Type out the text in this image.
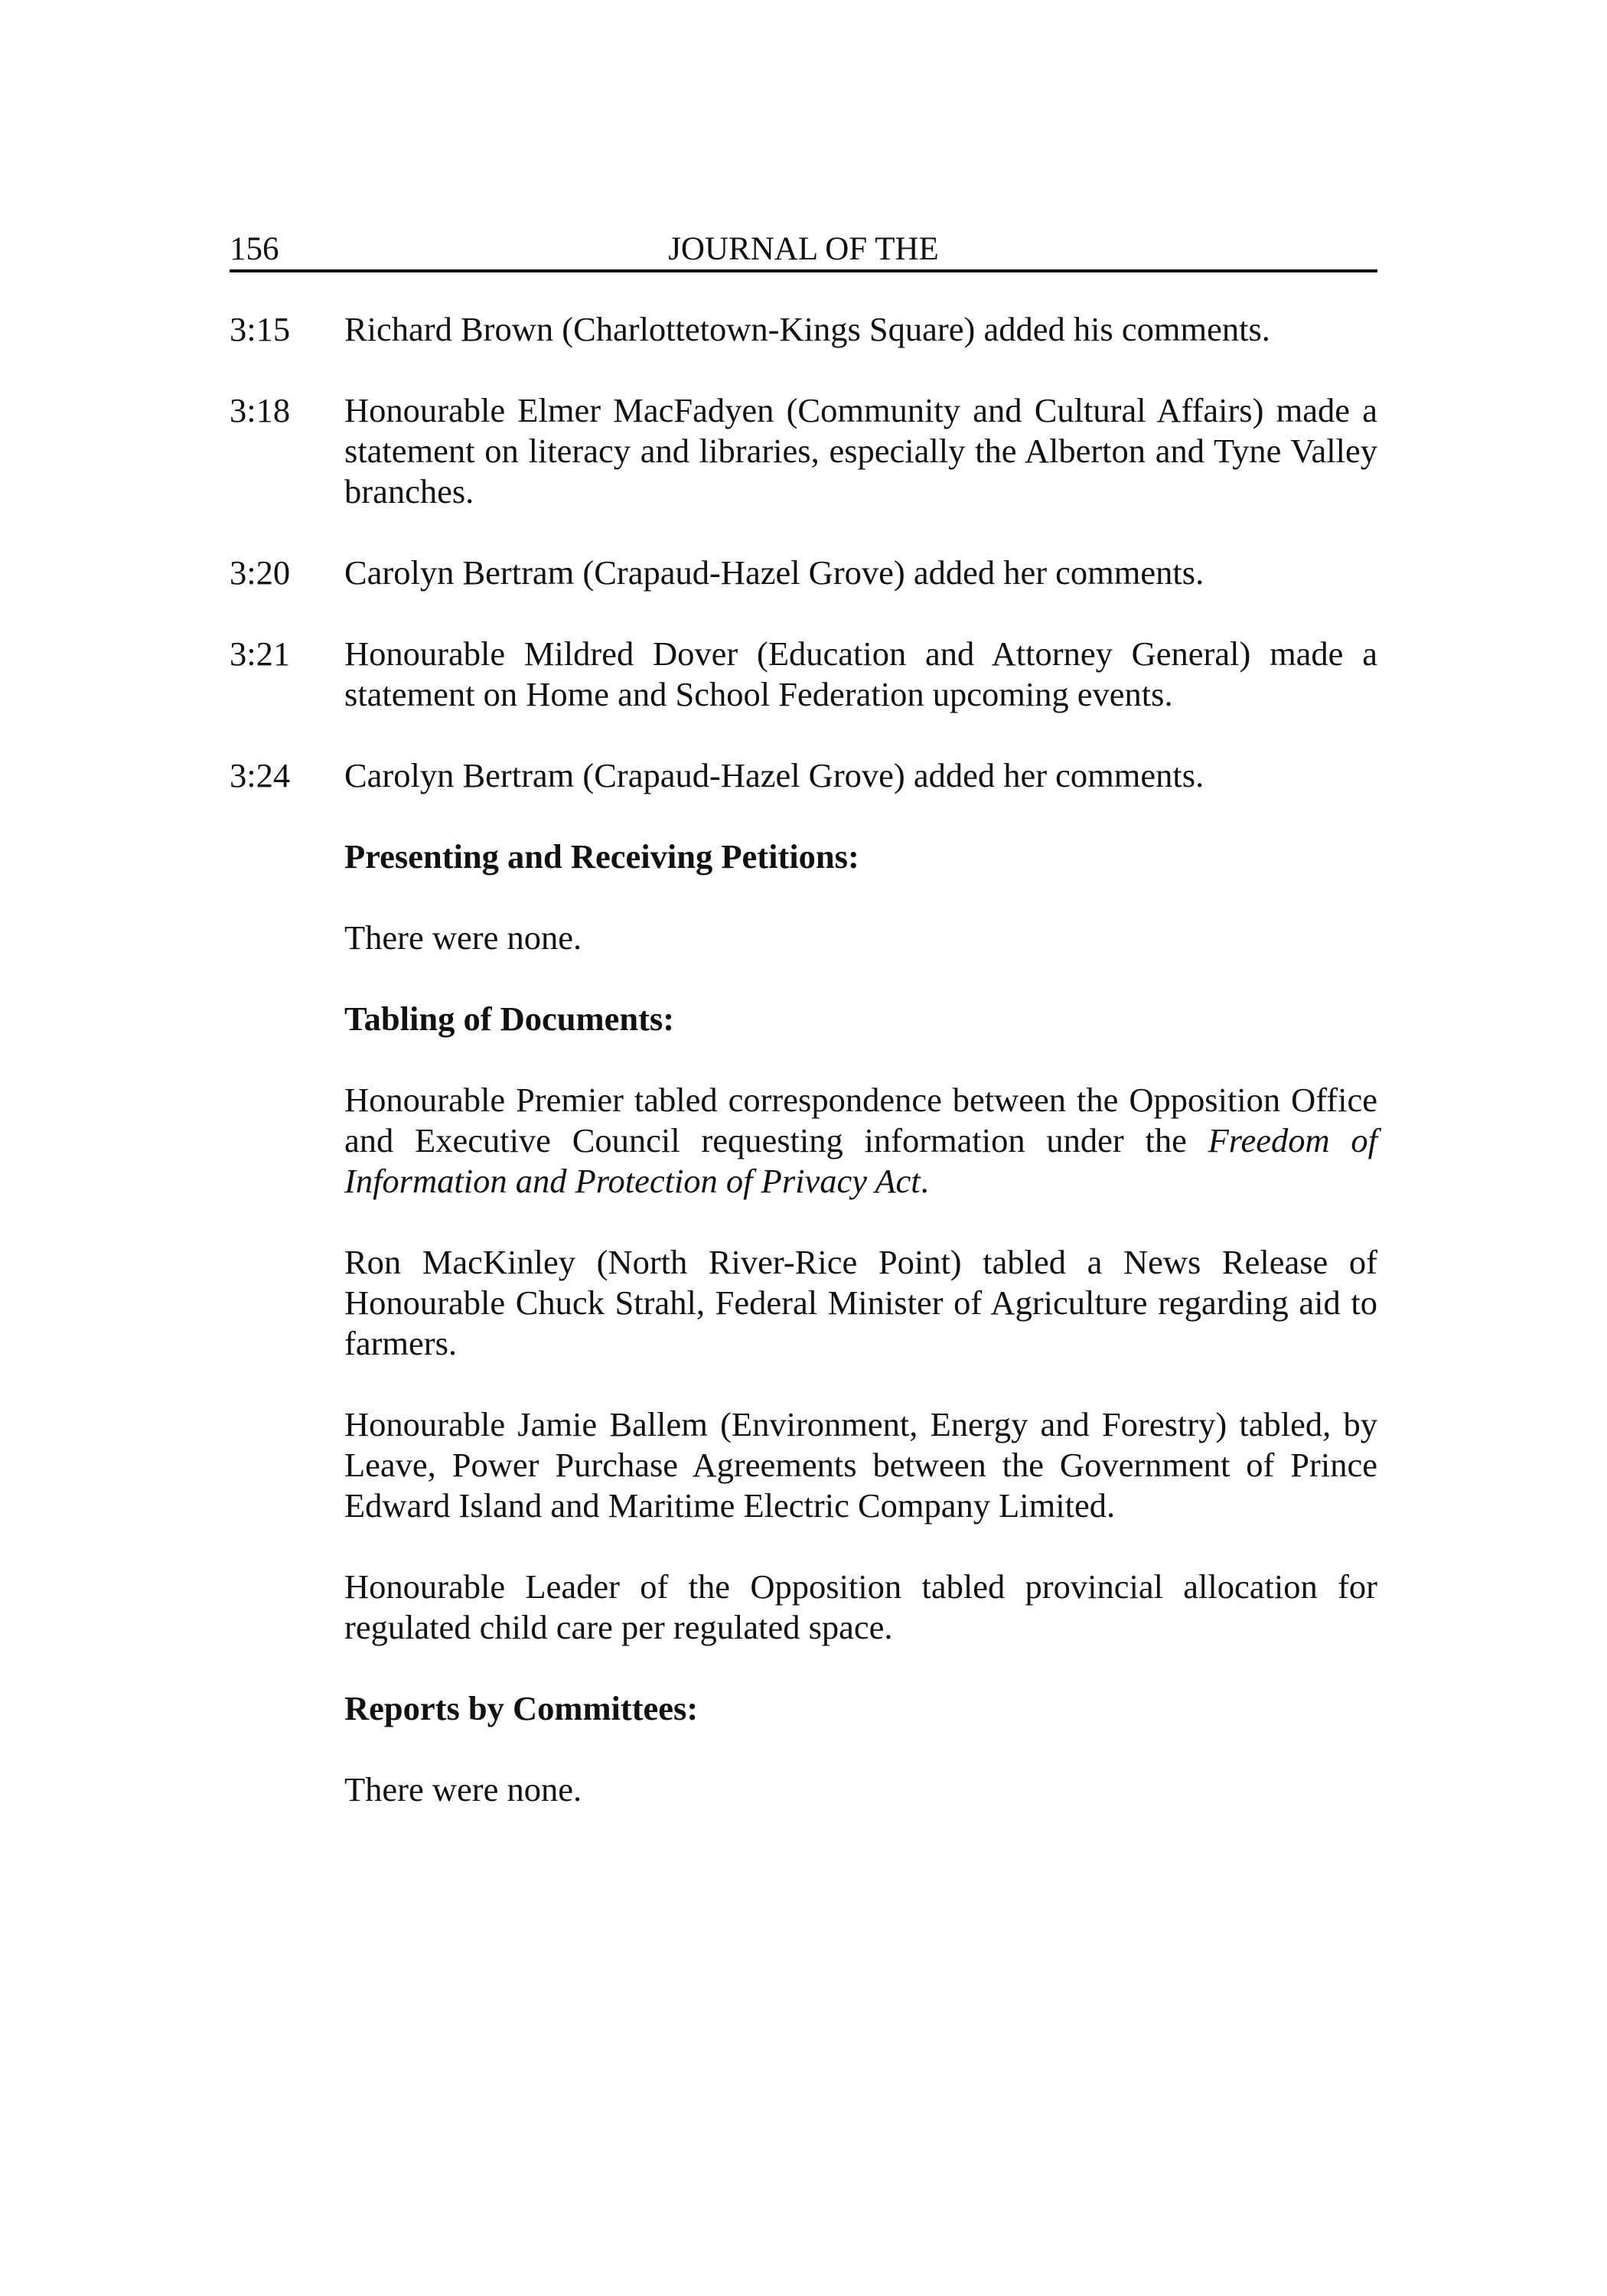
156	JOURNAL OF THE
3:15	Richard Brown (Charlottetown-Kings Square) added his comments.
3:18	Honourable Elmer MacFadyen (Community and Cultural Affairs) made a statement on literacy and libraries, especially the Alberton and Tyne Valley branches.
3:20	Carolyn Bertram (Crapaud-Hazel Grove) added her comments.
3:21	Honourable Mildred Dover (Education and Attorney General) made a statement on Home and School Federation upcoming events.
3:24	Carolyn Bertram (Crapaud-Hazel Grove) added her comments.
Presenting and Receiving Petitions:
There were none.
Tabling of Documents:
Honourable Premier tabled correspondence between the Opposition Office and Executive Council requesting information under the Freedom of Information and Protection of Privacy Act.
Ron MacKinley (North River-Rice Point) tabled a News Release of Honourable Chuck Strahl, Federal Minister of Agriculture regarding aid to farmers.
Honourable Jamie Ballem (Environment, Energy and Forestry) tabled, by Leave, Power Purchase Agreements between the Government of Prince Edward Island and Maritime Electric Company Limited.
Honourable Leader of the Opposition tabled provincial allocation for regulated child care per regulated space.
Reports by Committees:
There were none.
